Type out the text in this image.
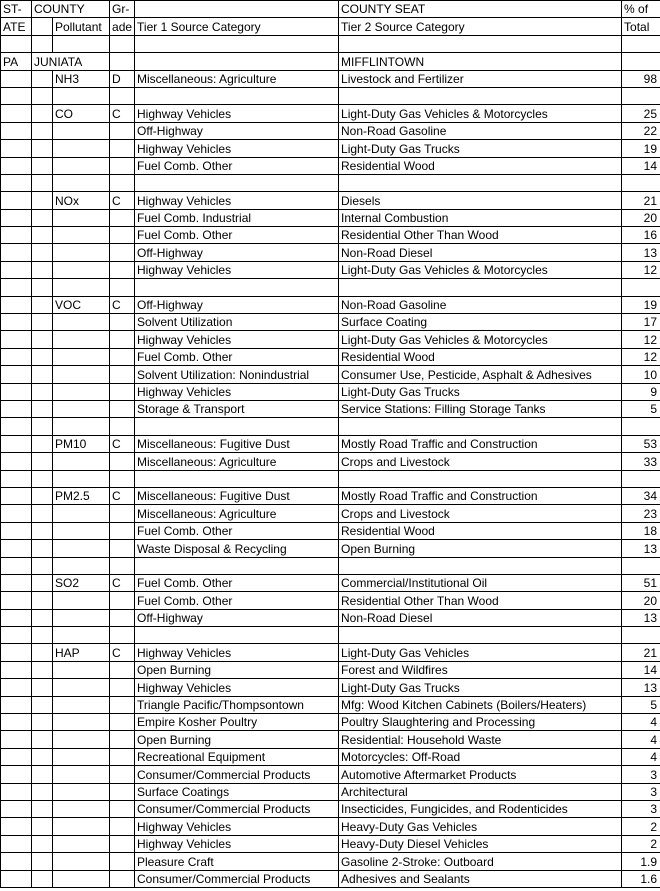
ST-	COUNTY		Gr-		COUNTY SEAT	% of
ATE		Pollutant	ade	Tier 1 Source Category	Tier 2 Source Category	Total

PA	JUNIATA				MIFFLINTOWN	
		NH3	D	Miscellaneous: Agriculture	Livestock and Fertilizer	98

		CO	C	Highway Vehicles	Light-Duty Gas Vehicles & Motorcycles	25
				Off-Highway	Non-Road Gasoline	22
				Highway Vehicles	Light-Duty Gas Trucks	19
				Fuel Comb. Other	Residential Wood	14

		NOx	C	Highway Vehicles	Diesels	21
				Fuel Comb. Industrial	Internal Combustion	20
				Fuel Comb. Other	Residential Other Than Wood	16
				Off-Highway	Non-Road Diesel	13
				Highway Vehicles	Light-Duty Gas Vehicles & Motorcycles	12

		VOC	C	Off-Highway	Non-Road Gasoline	19
				Solvent Utilization	Surface Coating	17
				Highway Vehicles	Light-Duty Gas Vehicles & Motorcycles	12
				Fuel Comb. Other	Residential Wood	12
				Solvent Utilization: Nonindustrial	Consumer Use, Pesticide, Asphalt & Adhesives	10
				Highway Vehicles	Light-Duty Gas Trucks	9
				Storage & Transport	Service Stations: Filling Storage Tanks	5

		PM10	C	Miscellaneous: Fugitive Dust	Mostly Road Traffic and Construction	53
				Miscellaneous: Agriculture	Crops and Livestock	33

		PM2.5	C	Miscellaneous: Fugitive Dust	Mostly Road Traffic and Construction	34
				Miscellaneous: Agriculture	Crops and Livestock	23
				Fuel Comb. Other	Residential Wood	18
				Waste Disposal & Recycling	Open Burning	13

		SO2	C	Fuel Comb. Other	Commercial/Institutional Oil	51
				Fuel Comb. Other	Residential Other Than Wood	20
				Off-Highway	Non-Road Diesel	13

		HAP	C	Highway Vehicles	Light-Duty Gas Vehicles	21
				Open Burning	Forest and Wildfires	14
				Highway Vehicles	Light-Duty Gas Trucks	13
				Triangle Pacific/Thompsontown	Mfg: Wood Kitchen Cabinets (Boilers/Heaters)	5
				Empire Kosher Poultry	Poultry Slaughtering and Processing	4
				Open Burning	Residential: Household Waste	4
				Recreational Equipment	Motorcycles: Off-Road	4
				Consumer/Commercial Products	Automotive Aftermarket Products	3
				Surface Coatings	Architectural	3
				Consumer/Commercial Products	Insecticides, Fungicides, and Rodenticides	3
				Highway Vehicles	Heavy-Duty Gas Vehicles	2
				Highway Vehicles	Heavy-Duty Diesel Vehicles	2
				Pleasure Craft	Gasoline 2-Stroke: Outboard	1.9
				Consumer/Commercial Products	Adhesives and Sealants	1.6
